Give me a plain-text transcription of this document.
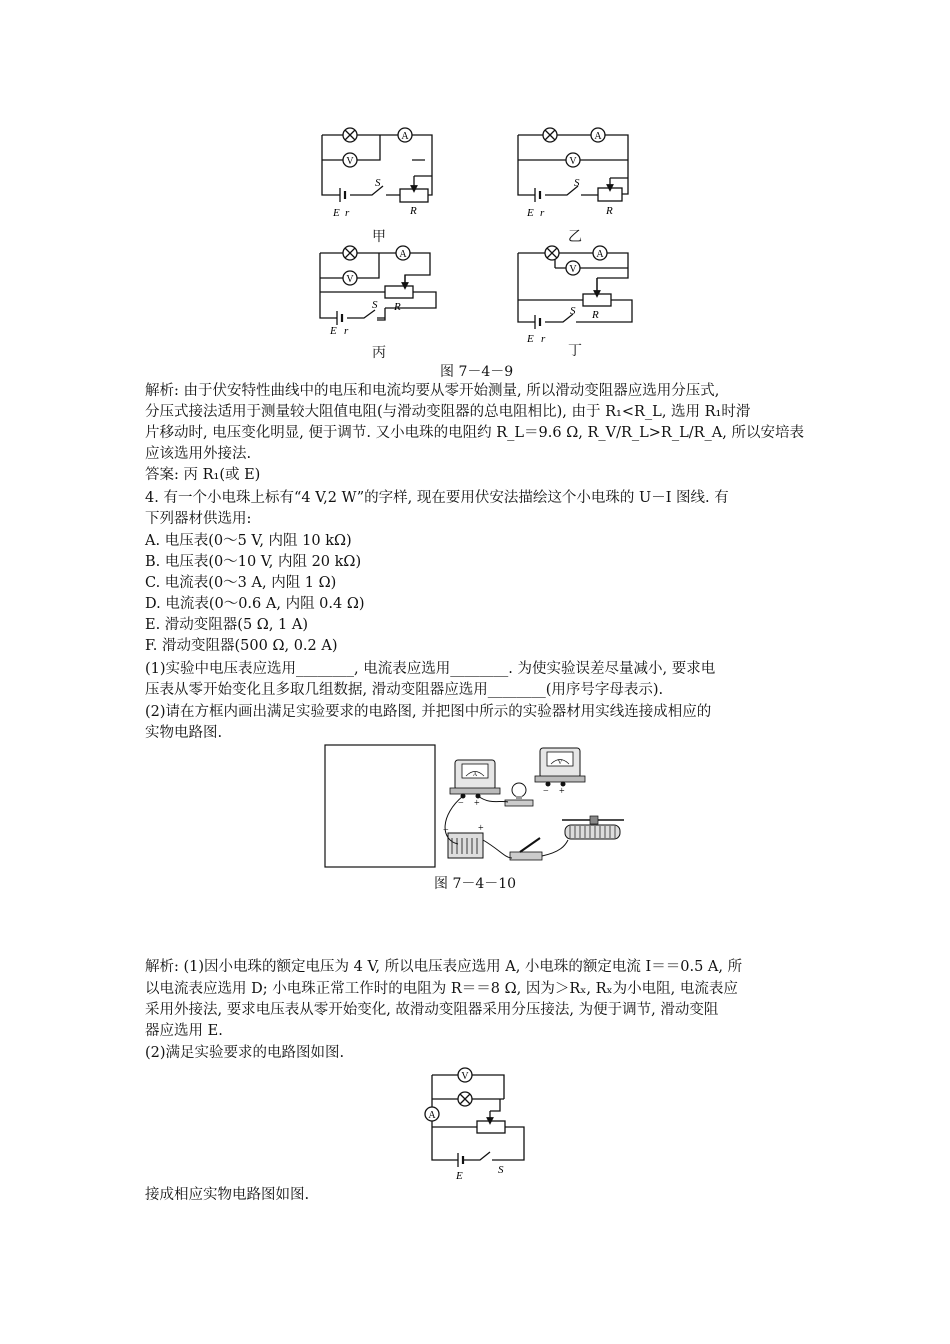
A
V
E r
S
R
A
V
E r
S
R
A
V
E r
S R
A
V
E r
S R
甲	乙
丙	丁
图 7－4－9
解析: 由于伏安特性曲线中的电压和电流均要从零开始测量, 所以滑动变阻器应选用分压式,
分压式接法适用于测量较大阻值电阻(与滑动变阻器的总电阻相比), 由于 R₁<R_L, 选用 R₁时滑
片移动时, 电压变化明显, 便于调节. 又小电珠的电阻约 R_L＝9.6 Ω, R_V/R_L>R_L/R_A, 所以安培表
应该选用外接法.
答案: 丙 R₁(或 E)
4. 有一个小电珠上标有“4 V,2 W”的字样, 现在要用伏安法描绘这个小电珠的 U－I 图线. 有
下列器材供选用:
A. 电压表(0～5 V, 内阻 10 kΩ)
B. 电压表(0～10 V, 内阻 20 kΩ)
C. 电流表(0～3 A, 内阻 1 Ω)
D. 电流表(0～0.6 A, 内阻 0.4 Ω)
E. 滑动变阻器(5 Ω, 1 A)
F. 滑动变阻器(500 Ω, 0.2 A)
(1)实验中电压表应选用________, 电流表应选用________. 为使实验误差尽量减小, 要求电
压表从零开始变化且多取几组数据, 滑动变阻器应选用________(用序号字母表示).
(2)请在方框内画出满足实验要求的电路图, 并把图中所示的实验器材用实线连接成相应的
实物电路图.
A
− +
V
− +
−	+
图 7－4－10
解析: (1)因小电珠的额定电压为 4 V, 所以电压表应选用 A, 小电珠的额定电流 I＝＝0.5 A, 所
以电流表应选用 D; 小电珠正常工作时的电阻为 R＝＝8 Ω, 因为＞Rₓ, Rₓ为小电阻, 电流表应
采用外接法, 要求电压表从零开始变化, 故滑动变阻器采用分压接法, 为便于调节, 滑动变阻
器应选用 E.
(2)满足实验要求的电路图如图.
V
A
E	S
接成相应实物电路图如图.
